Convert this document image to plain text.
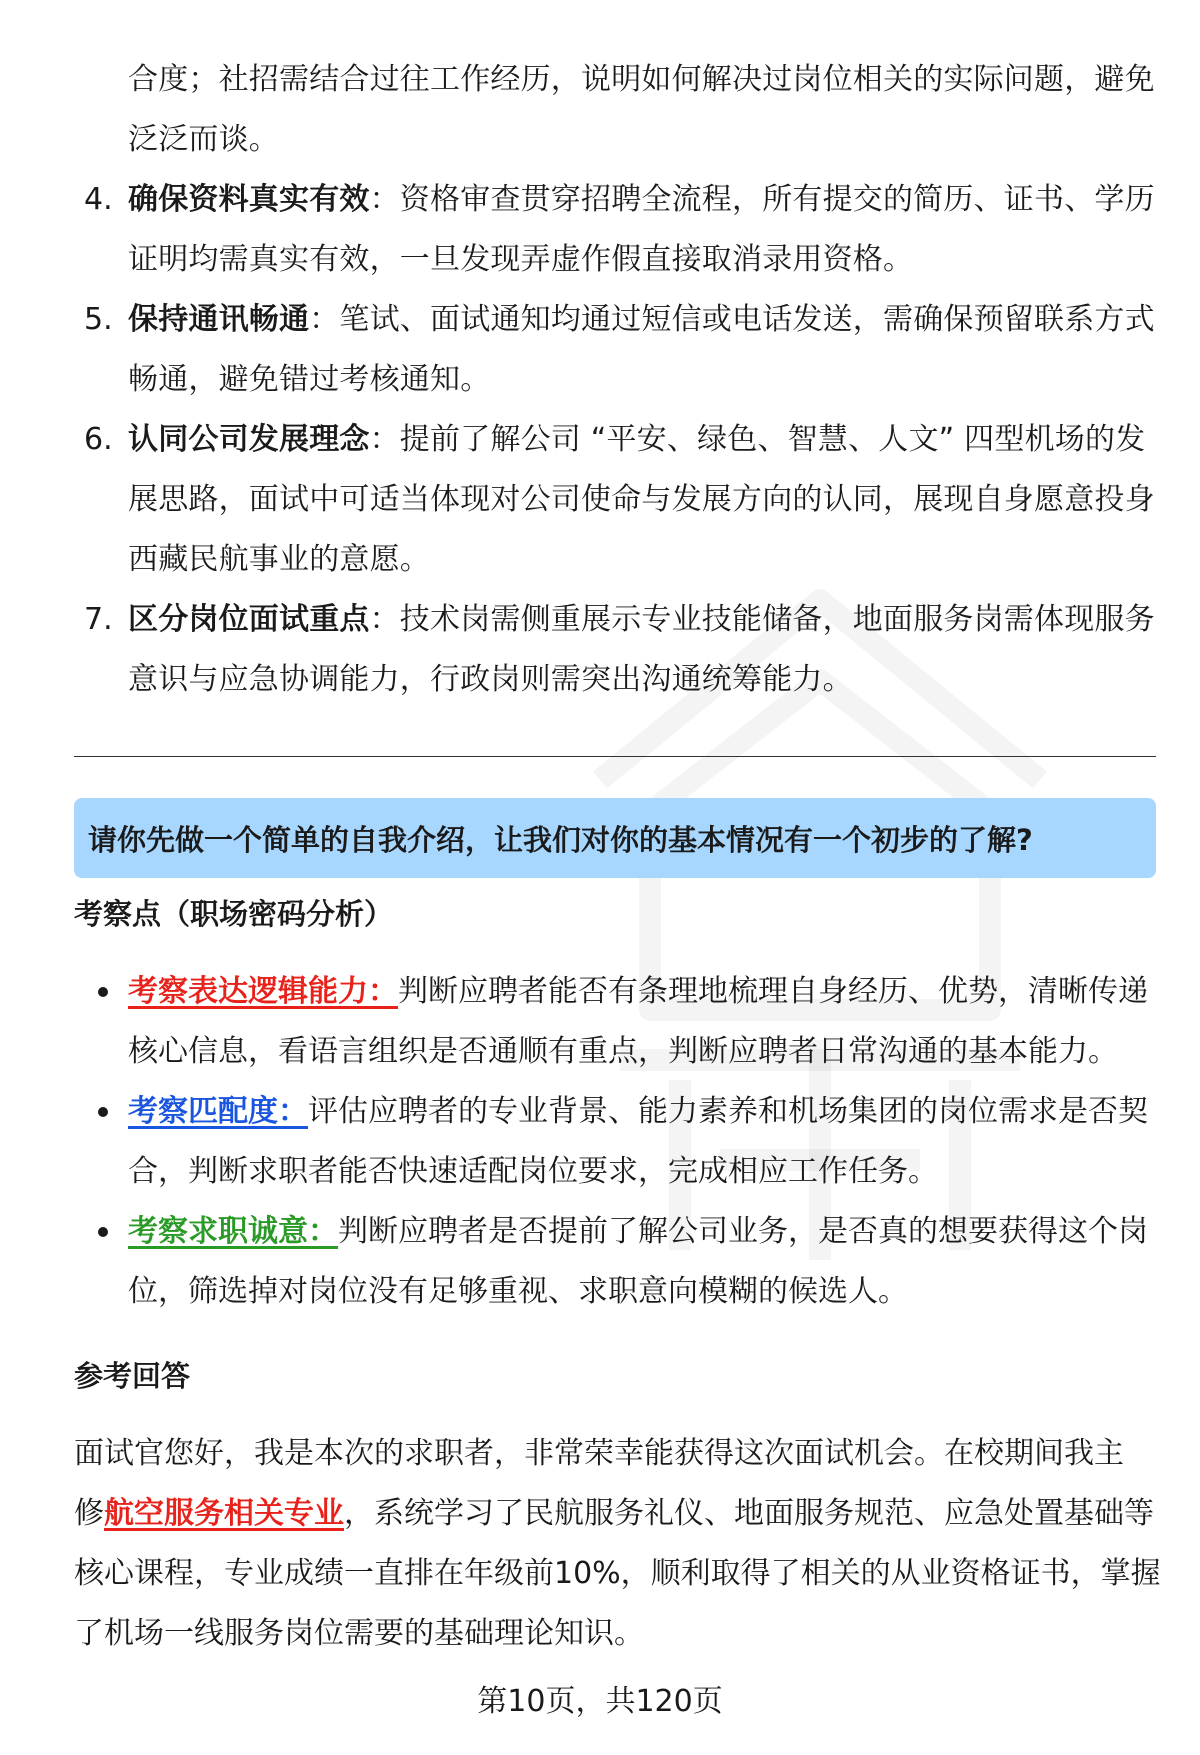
合度；社招需结合过往工作经历，说明如何解决过岗位相关的实际问题，避免
泛泛而谈。
4. 确保资料真实有效：资格审查贯穿招聘全流程，所有提交的简历、证书、学历
证明均需真实有效，一旦发现弄虚作假直接取消录用资格。
5. 保持通讯畅通：笔试、面试通知均通过短信或电话发送，需确保预留联系方式
畅通，避免错过考核通知。
6. 认同公司发展理念：提前了解公司 “平安、绿色、智慧、人文” 四型机场的发
展思路，面试中可适当体现对公司使命与发展方向的认同，展现自身愿意投身
西藏民航事业的意愿。
7. 区分岗位面试重点：技术岗需侧重展示专业技能储备，地面服务岗需体现服务
意识与应急协调能力，行政岗则需突出沟通统筹能力。
请你先做一个简单的自我介绍，让我们对你的基本情况有一个初步的了解?
考察点（职场密码分析）
考察表达逻辑能力：判断应聘者能否有条理地梳理自身经历、优势，清晰传递
核心信息，看语言组织是否通顺有重点，判断应聘者日常沟通的基本能力。
考察匹配度：评估应聘者的专业背景、能力素养和机场集团的岗位需求是否契
合，判断求职者能否快速适配岗位要求，完成相应工作任务。
考察求职诚意：判断应聘者是否提前了解公司业务，是否真的想要获得这个岗
位，筛选掉对岗位没有足够重视、求职意向模糊的候选人。
参考回答
面试官您好，我是本次的求职者，非常荣幸能获得这次面试机会。在校期间我主
修航空服务相关专业，系统学习了民航服务礼仪、地面服务规范、应急处置基础等
核心课程，专业成绩一直排在年级前10%，顺利取得了相关的从业资格证书，掌握
了机场一线服务岗位需要的基础理论知识。
第10页，共120页
